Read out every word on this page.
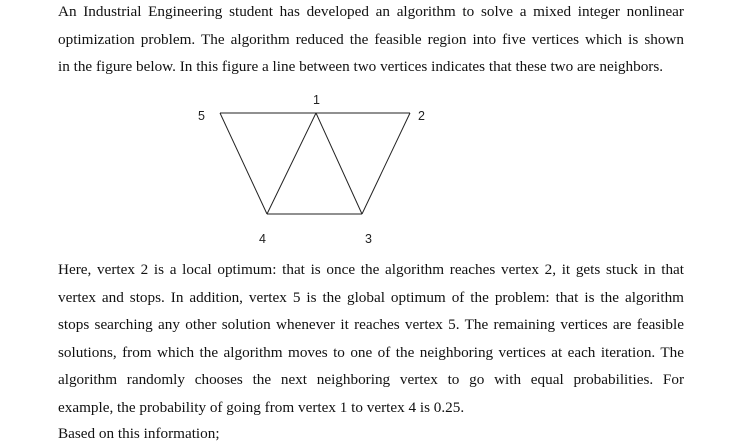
An Industrial Engineering student has developed an algorithm to solve a mixed integer nonlinear
optimization problem. The algorithm reduced the feasible region into five vertices which is shown
in the figure below. In this figure a line between two vertices indicates that these two are neighbors.

1
2
5
4	3

Here, vertex 2 is a local optimum: that is once the algorithm reaches vertex 2, it gets stuck in that
vertex and stops. In addition, vertex 5 is the global optimum of the problem: that is the algorithm
stops searching any other solution whenever it reaches vertex 5. The remaining vertices are feasible
solutions, from which the algorithm moves to one of the neighboring vertices at each iteration. The
algorithm randomly chooses the next neighboring vertex to go with equal probabilities. For
example, the probability of going from vertex 1 to vertex 4 is 0.25.

Based on this information;
